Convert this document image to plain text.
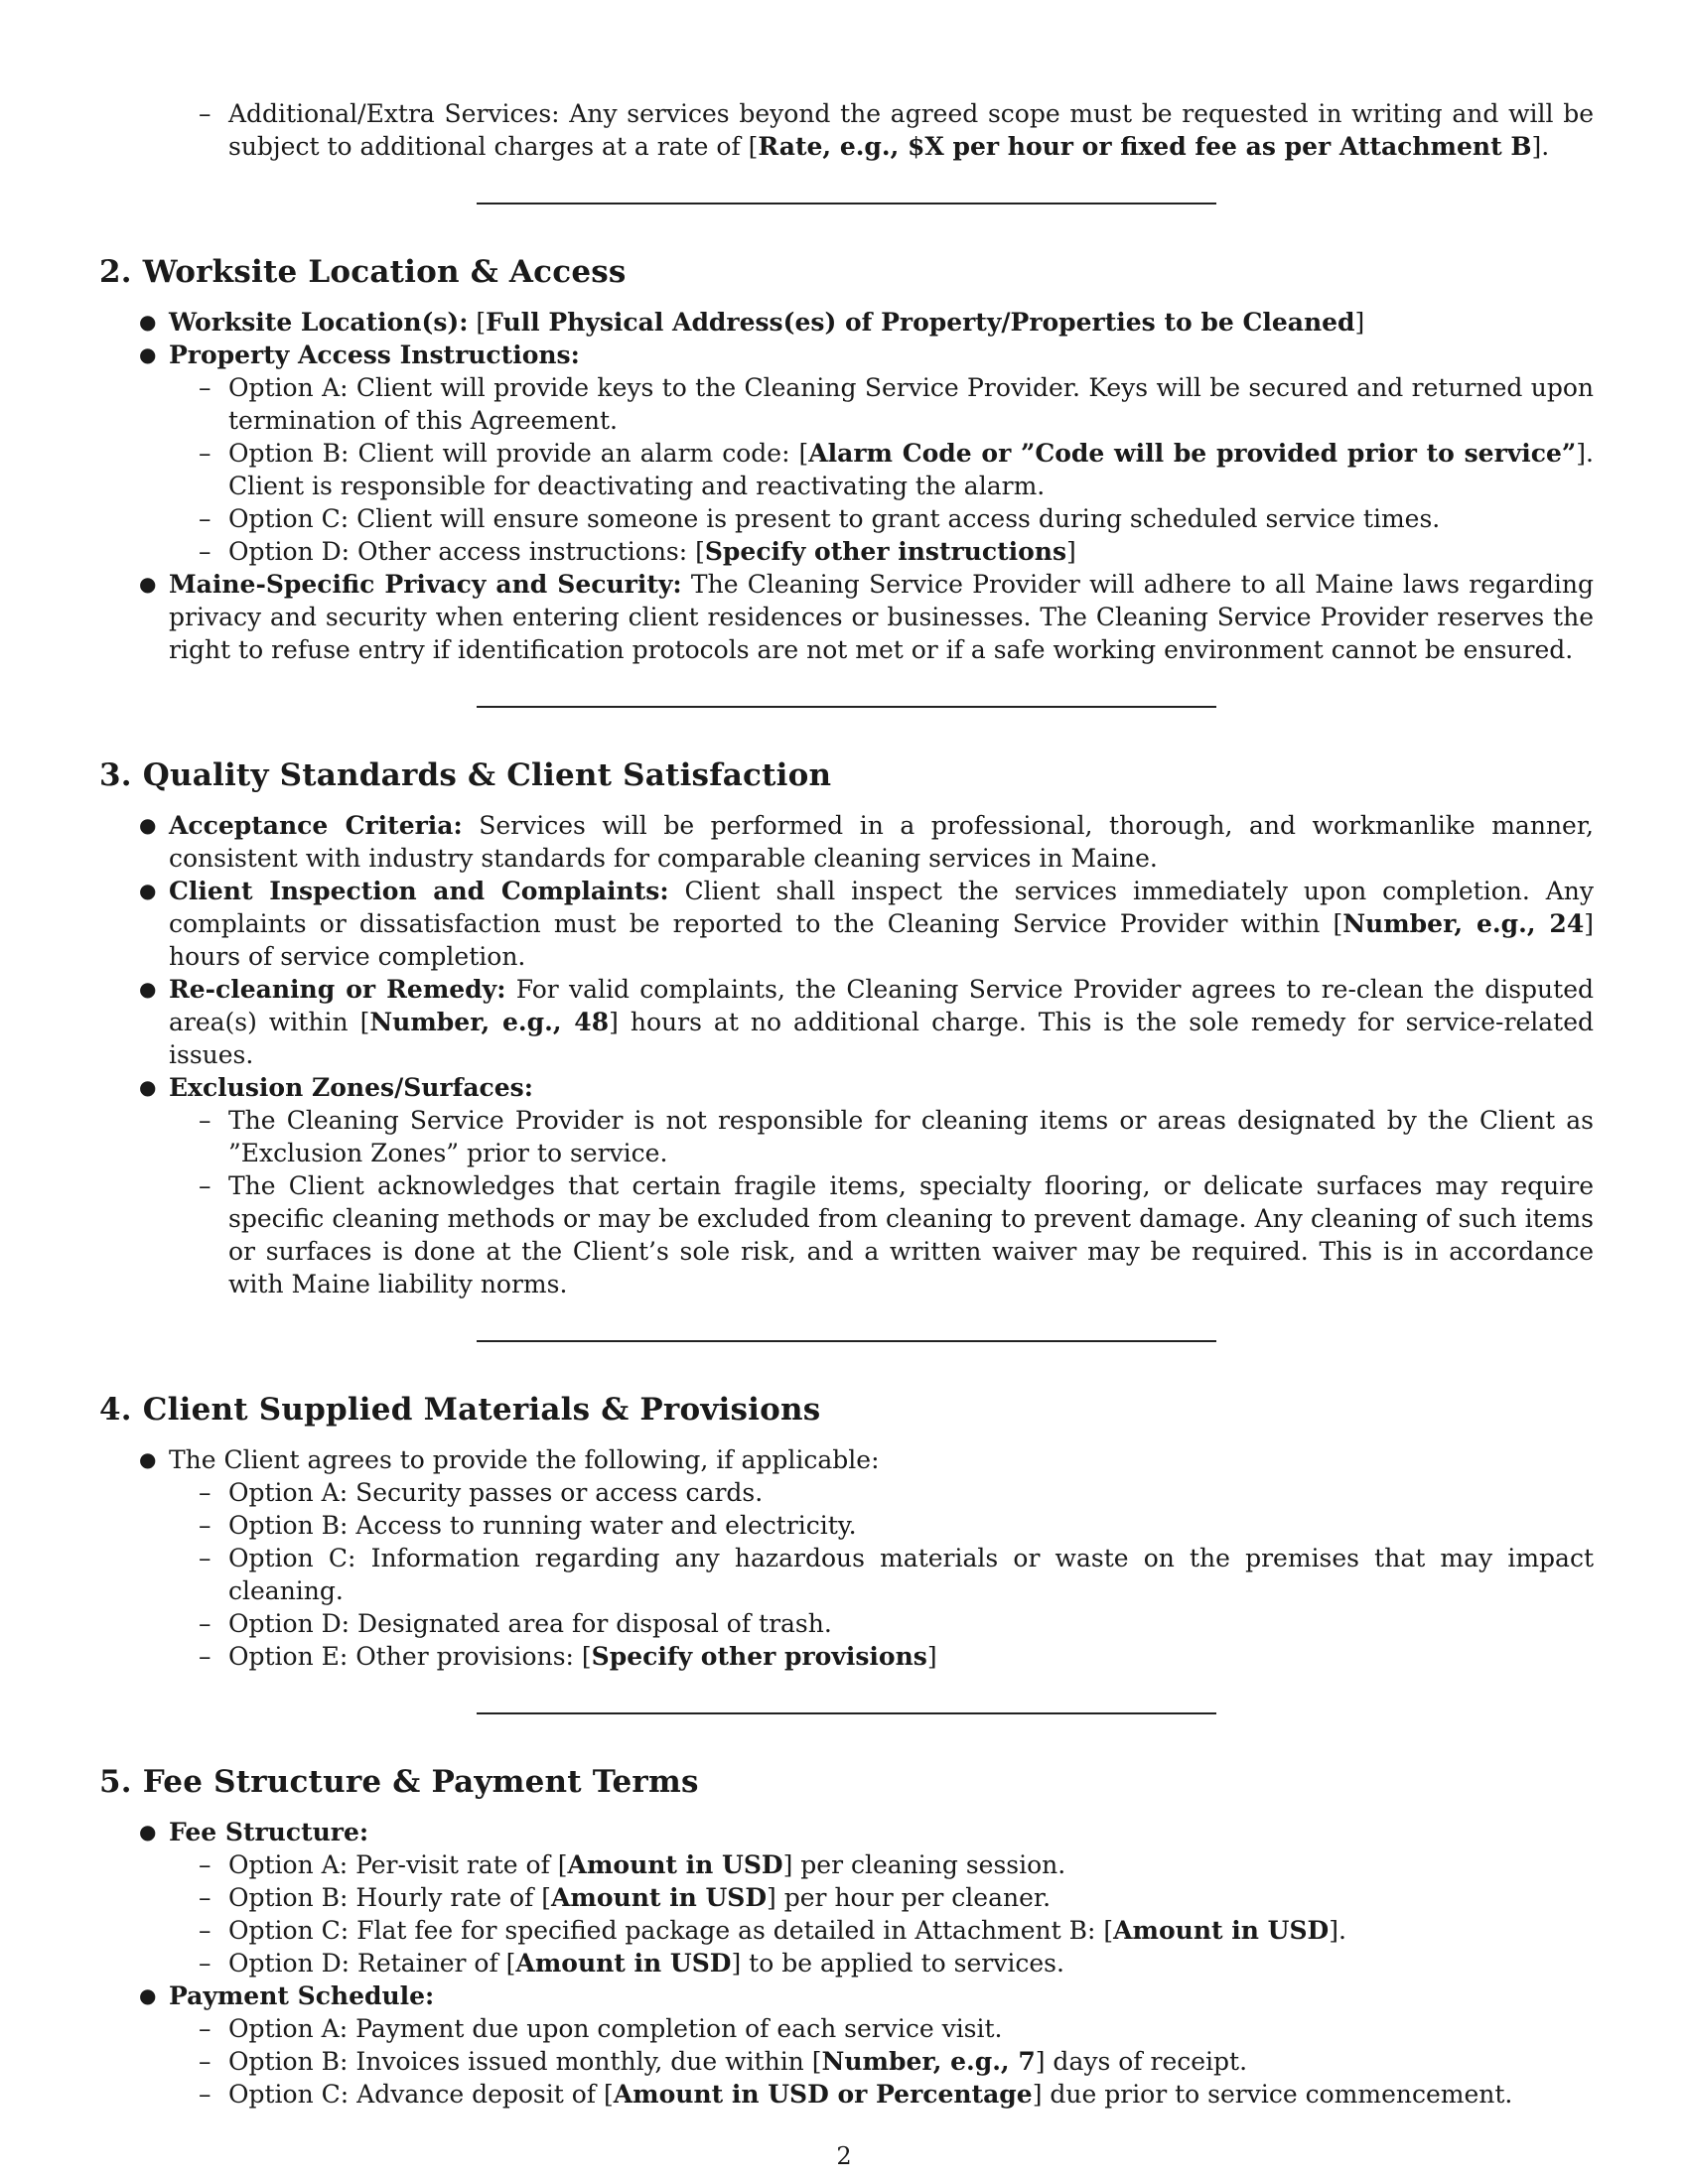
– Additional/Extra Services: Any services beyond the agreed scope must be requested in writing and will be subject to additional charges at a rate of [Rate, e.g., $X per hour or fixed fee as per Attachment B].

2. Worksite Location & Access
● Worksite Location(s): [Full Physical Address(es) of Property/Properties to be Cleaned]
● Property Access Instructions:
– Option A: Client will provide keys to the Cleaning Service Provider. Keys will be secured and returned upon termination of this Agreement.
– Option B: Client will provide an alarm code: [Alarm Code or ”Code will be provided prior to service”]. Client is responsible for deactivating and reactivating the alarm.
– Option C: Client will ensure someone is present to grant access during scheduled service times.
– Option D: Other access instructions: [Specify other instructions]
● Maine-Specific Privacy and Security: The Cleaning Service Provider will adhere to all Maine laws regarding privacy and security when entering client residences or businesses. The Cleaning Service Provider reserves the right to refuse entry if identification protocols are not met or if a safe working environment cannot be ensured.
3. Quality Standards & Client Satisfaction
● Acceptance Criteria: Services will be performed in a professional, thorough, and workmanlike manner, consistent with industry standards for comparable cleaning services in Maine.
● Client Inspection and Complaints: Client shall inspect the services immediately upon completion. Any complaints or dissatisfaction must be reported to the Cleaning Service Provider within [Number, e.g., 24] hours of service completion.
● Re-cleaning or Remedy: For valid complaints, the Cleaning Service Provider agrees to re-clean the disputed area(s) within [Number, e.g., 48] hours at no additional charge. This is the sole remedy for service-related issues.
● Exclusion Zones/Surfaces:
– The Cleaning Service Provider is not responsible for cleaning items or areas designated by the Client as ”Exclusion Zones” prior to service.
– The Client acknowledges that certain fragile items, specialty flooring, or delicate surfaces may require specific cleaning methods or may be excluded from cleaning to prevent damage. Any cleaning of such items or surfaces is done at the Client’s sole risk, and a written waiver may be required. This is in accordance with Maine liability norms.
4. Client Supplied Materials & Provisions
● The Client agrees to provide the following, if applicable:
– Option A: Security passes or access cards.
– Option B: Access to running water and electricity.
– Option C: Information regarding any hazardous materials or waste on the premises that may impact cleaning.
– Option D: Designated area for disposal of trash.
– Option E: Other provisions: [Specify other provisions]
5. Fee Structure & Payment Terms
● Fee Structure:
– Option A: Per-visit rate of [Amount in USD] per cleaning session.
– Option B: Hourly rate of [Amount in USD] per hour per cleaner.
– Option C: Flat fee for specified package as detailed in Attachment B: [Amount in USD].
– Option D: Retainer of [Amount in USD] to be applied to services.
● Payment Schedule:
– Option A: Payment due upon completion of each service visit.
– Option B: Invoices issued monthly, due within [Number, e.g., 7] days of receipt.
– Option C: Advance deposit of [Amount in USD or Percentage] due prior to service commencement.
2
